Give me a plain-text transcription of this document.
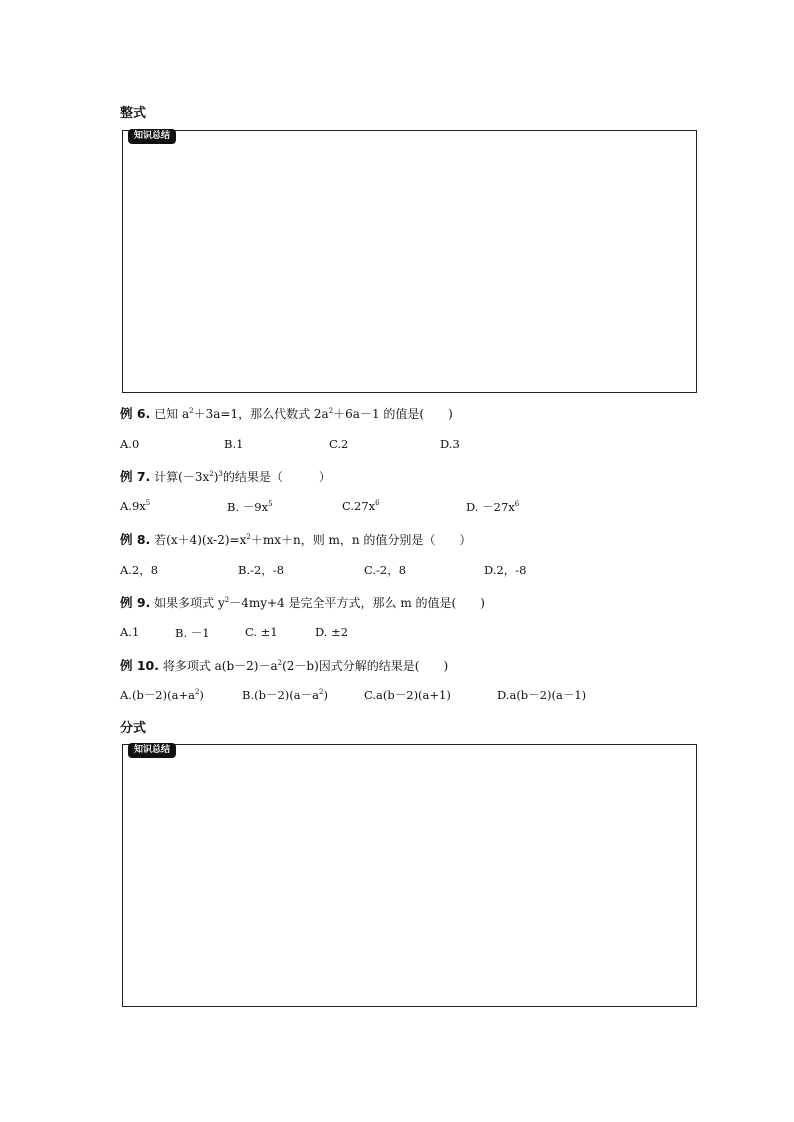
整式
知识总结
例 6. 已知 $a^2+3a=1$，那么代数式 $2a^2+6a-1$ 的值是(　　)
A.0	B.1	C.2	D.3
例 7. 计算$(-3x^2)^3$的结果是（　　　）
$A.9x^5$	B. $-9x^5$	$C.27x^6$	D. $-27x^6$
例 8. 若$(x+4)(x-2)=x^2+mx+n$，则 m，n 的值分别是（　　）
A.2，8	B.-2，-8	C.-2，8	D.2，-8
例 9. 如果多项式 $y^2-4my+4$ 是完全平方式，那么 m 的值是(　　)
A.1	B. －1	C. ±1	D. ±2
例 10. 将多项式 $a(b-2)-a^2(2-b)$因式分解的结果是(　　)
$A.(b-2)(a+a^2)$	$B.(b-2)(a-a^2)$	C.a(b－2)(a+1)	D.a(b－2)(a－1)
分式
知识总结
